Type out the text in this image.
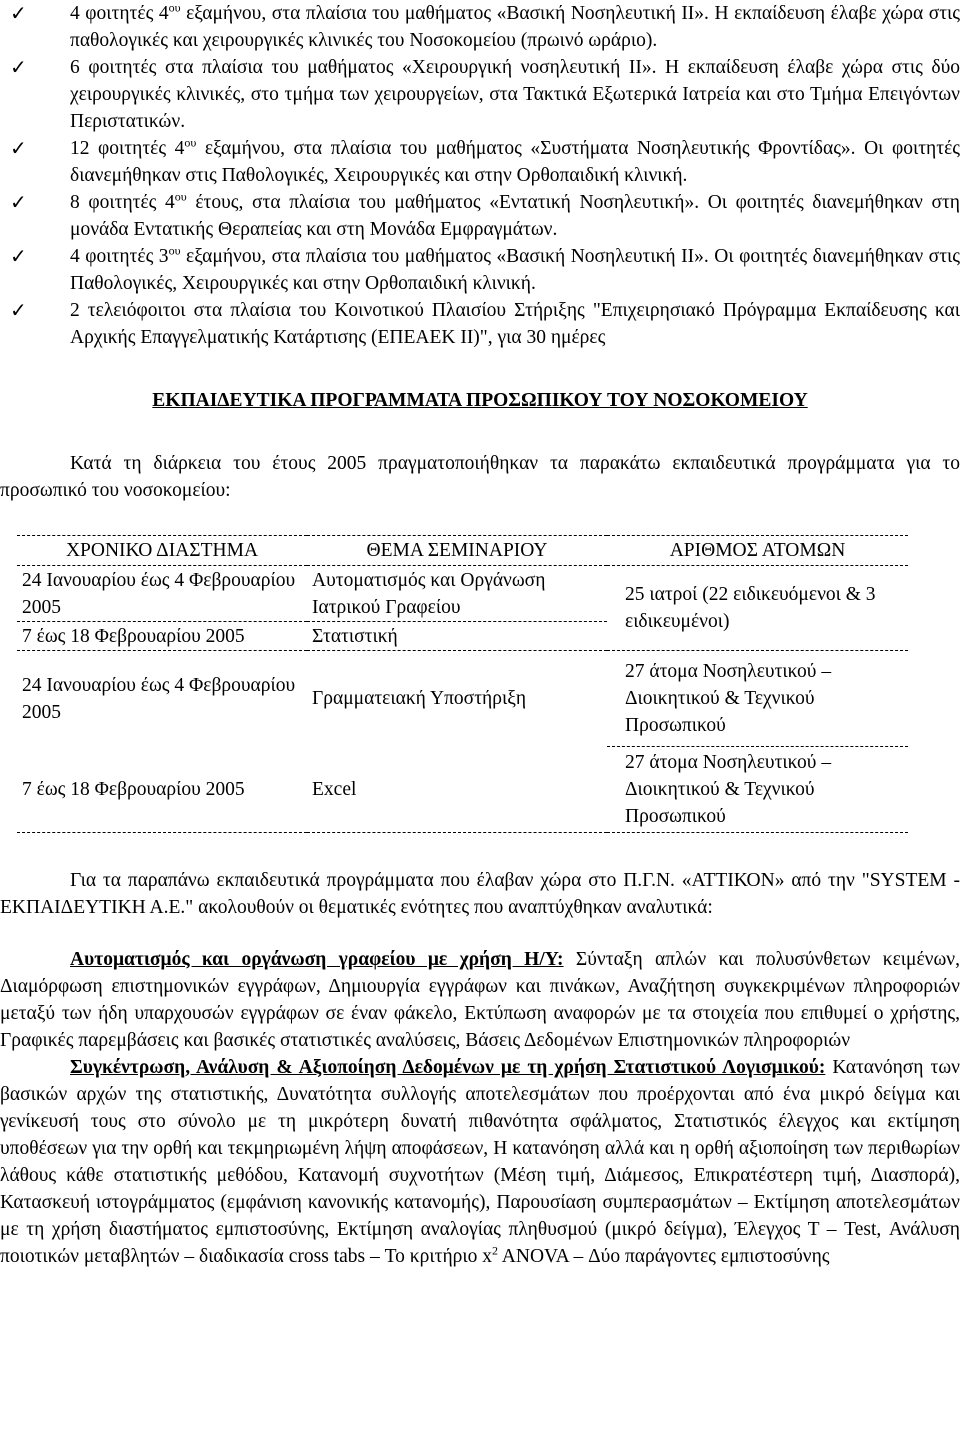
✓ 4 φοιτητές $4^{o\upsilon}$ εξαμήνου, στα πλαίσια του μαθήματος «Βασική Νοσηλευτική ΙΙ». Η εκπαίδευση έλαβε χώρα στις παθολογικές και χειρουργικές κλινικές του Νοσοκομείου (πρωινό ωράριο).
✓ 6 φοιτητές στα πλαίσια του μαθήματος «Χειρουργική νοσηλευτική ΙΙ». Η εκπαίδευση έλαβε χώρα στις δύο χειρουργικές κλινικές, στο τμήμα των χειρουργείων, στα Τακτικά Εξωτερικά Ιατρεία και στο Τμήμα Επειγόντων Περιστατικών.
✓ 12 φοιτητές $4^{o\upsilon}$ εξαμήνου, στα πλαίσια του μαθήματος «Συστήματα Νοσηλευτικής Φροντίδας». Οι φοιτητές διανεμήθηκαν στις Παθολογικές, Χειρουργικές και στην Ορθοπαιδική κλινική.
✓ 8 φοιτητές $4^{o\upsilon}$ έτους, στα πλαίσια του μαθήματος «Εντατική Νοσηλευτική». Οι φοιτητές διανεμήθηκαν στη μονάδα Εντατικής Θεραπείας και στη Μονάδα Εμφραγμάτων.
✓ 4 φοιτητές $3^{o\upsilon}$ εξαμήνου, στα πλαίσια του μαθήματος «Βασική Νοσηλευτική ΙΙ». Οι φοιτητές διανεμήθηκαν στις Παθολογικές, Χειρουργικές και στην Ορθοπαιδική κλινική.
✓ 2 τελειόφοιτοι στα πλαίσια του Κοινοτικού Πλαισίου Στήριξης "Επιχειρησιακό Πρόγραμμα Εκπαίδευσης και Αρχικής Επαγγελματικής Κατάρτισης (ΕΠΕΑΕΚ ΙΙ)", για 30 ημέρες
ΕΚΠΑΙΔΕΥΤΙΚΑ ΠΡΟΓΡΑΜΜΑΤΑ ΠΡΟΣΩΠΙΚΟΥ ΤΟΥ ΝΟΣΟΚΟΜΕΙΟΥ
Κατά τη διάρκεια του έτους 2005 πραγματοποιήθηκαν τα παρακάτω εκπαιδευτικά προγράμματα για το προσωπικό του νοσοκομείου:
ΧΡΟΝΙΚΟ ΔΙΑΣΤΗΜΑ	ΘΕΜΑ ΣΕΜΙΝΑΡΙΟΥ	ΑΡΙΘΜΟΣ ΑΤΟΜΩΝ
24 Ιανουαρίου έως 4 Φεβρουαρίου 2005	Αυτοματισμός και Οργάνωση Ιατρικού Γραφείου	25 ιατροί (22 ειδικευόμενοι & 3 ειδικευμένοι)
7 έως 18 Φεβρουαρίου 2005	Στατιστική	
24 Ιανουαρίου έως 4 Φεβρουαρίου 2005	Γραμματειακή Υποστήριξη	27 άτομα Νοσηλευτικού – Διοικητικού & Τεχνικού Προσωπικού
7 έως 18 Φεβρουαρίου 2005	Excel	27 άτομα Νοσηλευτικού – Διοικητικού & Τεχνικού Προσωπικού
Για τα παραπάνω εκπαιδευτικά προγράμματα που έλαβαν χώρα στο Π.Γ.Ν. «ΑΤΤΙΚΟΝ» από την "SYSTEM - ΕΚΠΑΙΔΕΥΤΙΚΗ Α.Ε." ακολουθούν οι θεματικές ενότητες που αναπτύχθηκαν αναλυτικά:
Αυτοματισμός και οργάνωση γραφείου με χρήση Η/Υ: Σύνταξη απλών και πολυσύνθετων κειμένων, Διαμόρφωση επιστημονικών εγγράφων, Δημιουργία εγγράφων και πινάκων, Αναζήτηση συγκεκριμένων πληροφοριών μεταξύ των ήδη υπαρχουσών εγγράφων σε έναν φάκελο, Εκτύπωση αναφορών με τα στοιχεία που επιθυμεί ο χρήστης, Γραφικές παρεμβάσεις και βασικές στατιστικές αναλύσεις, Βάσεις Δεδομένων Επιστημονικών πληροφοριών
Συγκέντρωση, Ανάλυση & Αξιοποίηση Δεδομένων με τη χρήση Στατιστικού Λογισμικού: Κατανόηση των βασικών αρχών της στατιστικής, Δυνατότητα συλλογής αποτελεσμάτων που προέρχονται από ένα μικρό δείγμα και γενίκευσή τους στο σύνολο με τη μικρότερη δυνατή πιθανότητα σφάλματος, Στατιστικός έλεγχος και εκτίμηση υποθέσεων για την ορθή και τεκμηριωμένη λήψη αποφάσεων, Η κατανόηση αλλά και η ορθή αξιοποίηση των περιθωρίων λάθους κάθε στατιστικής μεθόδου, Κατανομή συχνοτήτων (Μέση τιμή, Διάμεσος, Επικρατέστερη τιμή, Διασπορά), Κατασκευή ιστογράμματος (εμφάνιση κανονικής κατανομής), Παρουσίαση συμπερασμάτων – Εκτίμηση αποτελεσμάτων με τη χρήση διαστήματος εμπιστοσύνης, Εκτίμηση αναλογίας πληθυσμού (μικρό δείγμα), Έλεγχος Τ – Test, Ανάλυση ποιοτικών μεταβλητών – διαδικασία cross tabs – Το κριτήριο $x^2$ ANOVA – Δύο παράγοντες εμπιστοσύνης
